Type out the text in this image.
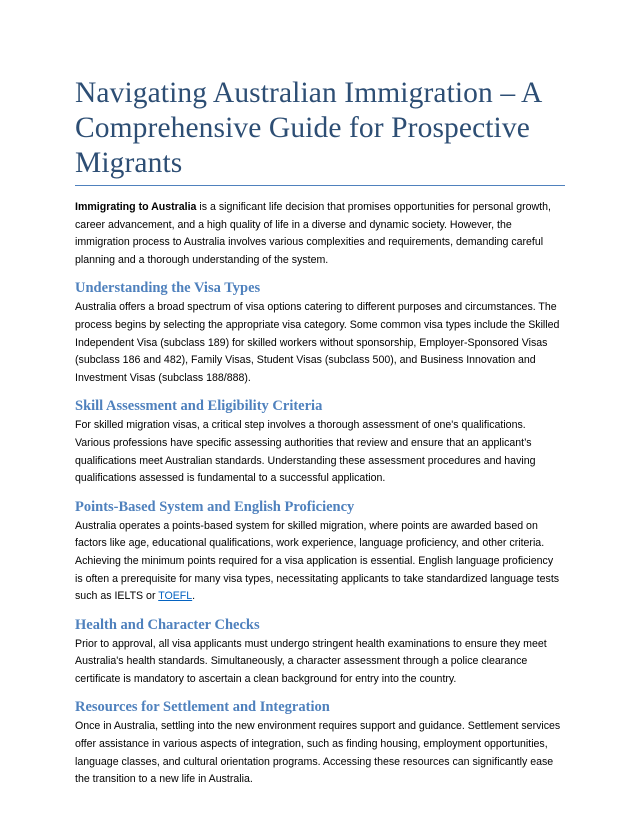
Navigating Australian Immigration – A Comprehensive Guide for Prospective Migrants

Immigrating to Australia is a significant life decision that promises opportunities for personal growth, career advancement, and a high quality of life in a diverse and dynamic society. However, the immigration process to Australia involves various complexities and requirements, demanding careful planning and a thorough understanding of the system.

Understanding the Visa Types

Australia offers a broad spectrum of visa options catering to different purposes and circumstances. The process begins by selecting the appropriate visa category. Some common visa types include the Skilled Independent Visa (subclass 189) for skilled workers without sponsorship, Employer-Sponsored Visas (subclass 186 and 482), Family Visas, Student Visas (subclass 500), and Business Innovation and Investment Visas (subclass 188/888).

Skill Assessment and Eligibility Criteria

For skilled migration visas, a critical step involves a thorough assessment of one's qualifications. Various professions have specific assessing authorities that review and ensure that an applicant’s qualifications meet Australian standards. Understanding these assessment procedures and having qualifications assessed is fundamental to a successful application.

Points-Based System and English Proficiency

Australia operates a points-based system for skilled migration, where points are awarded based on factors like age, educational qualifications, work experience, language proficiency, and other criteria. Achieving the minimum points required for a visa application is essential. English language proficiency is often a prerequisite for many visa types, necessitating applicants to take standardized language tests such as IELTS or TOEFL.

Health and Character Checks

Prior to approval, all visa applicants must undergo stringent health examinations to ensure they meet Australia's health standards. Simultaneously, a character assessment through a police clearance certificate is mandatory to ascertain a clean background for entry into the country.

Resources for Settlement and Integration

Once in Australia, settling into the new environment requires support and guidance. Settlement services offer assistance in various aspects of integration, such as finding housing, employment opportunities, language classes, and cultural orientation programs. Accessing these resources can significantly ease the transition to a new life in Australia.
